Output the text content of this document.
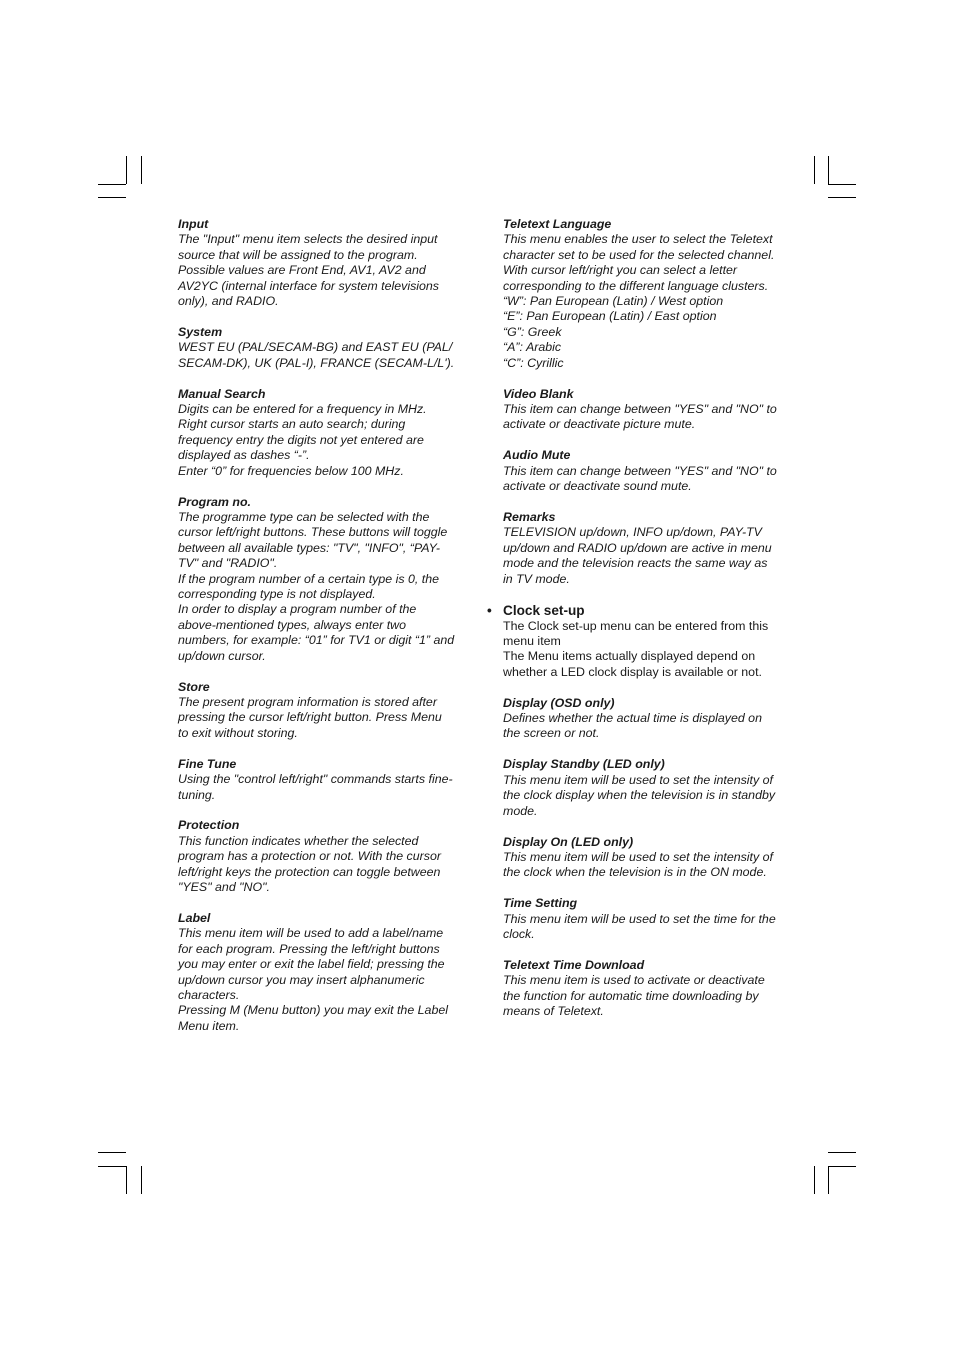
Input

The "Input" menu item selects the desired input
source that will be assigned to the program.
Possible values are Front End, AV1, AV2 and
AV2YC (internal interface for system televisions
only), and RADIO.

System

WEST EU (PAL/SECAM-BG) and EAST EU (PAL/
SECAM-DK), UK (PAL-I), FRANCE (SECAM-L/L').

Manual Search

Digits can be entered for a frequency in MHz.
Right cursor starts an auto search; during
frequency entry the digits not yet entered are
displayed as dashes “-”.
Enter “0” for frequencies below 100 MHz.

Program no.

The programme type can be selected with the
cursor left/right buttons. These buttons will toggle
between all available types: "TV", "INFO", “PAY-
TV" and "RADIO".
If the program number of a certain type is 0, the
corresponding type is not displayed.
In order to display a program number of the
above-mentioned types, always enter two
numbers, for example: “01” for TV1 or digit “1” and
up/down cursor.

Store

The present program information is stored after
pressing the cursor left/right button. Press Menu
to exit without storing.

Fine Tune

Using the "control left/right" commands starts fine-
tuning.

Protection

This function indicates whether the selected
program has a protection or not. With the cursor
left/right keys the protection can toggle between
"YES" and "NO".

Label

This menu item will be used to add a label/name
for each program. Pressing the left/right buttons
you may enter or exit the label field; pressing the
up/down cursor you may insert alphanumeric
characters.
Pressing M (Menu button) you may exit the Label
Menu item.

Teletext Language

This menu enables the user to select the Teletext
character set to be used for the selected channel.
With cursor left/right you can select a letter
corresponding to the different language clusters.
“W”: Pan European (Latin) / West option
“E”: Pan European (Latin) / East option
“G”: Greek
“A”: Arabic
“C”: Cyrillic

Video Blank

This item can change between "YES" and "NO" to
activate or deactivate picture mute.

Audio Mute

This item can change between "YES" and "NO" to
activate or deactivate sound mute.

Remarks

TELEVISION up/down, INFO up/down, PAY-TV
up/down and RADIO up/down are active in menu
mode and the television reacts the same way as
in TV mode.

• Clock set-up

The Clock set-up menu can be entered from this
menu item
The Menu items actually displayed depend on
whether a LED clock display is available or not.

Display (OSD only)

Defines whether the actual time is displayed on
the screen or not.

Display Standby (LED only)

This menu item will be used to set the intensity of
the clock display when the television is in standby
mode.

Display On (LED only)

This menu item will be used to set the intensity of
the clock when the television is in the ON mode.

Time Setting

This menu item will be used to set the time for the
clock.

Teletext Time Download

This menu item is used to activate or deactivate
the function for automatic time downloading by
means of Teletext.
